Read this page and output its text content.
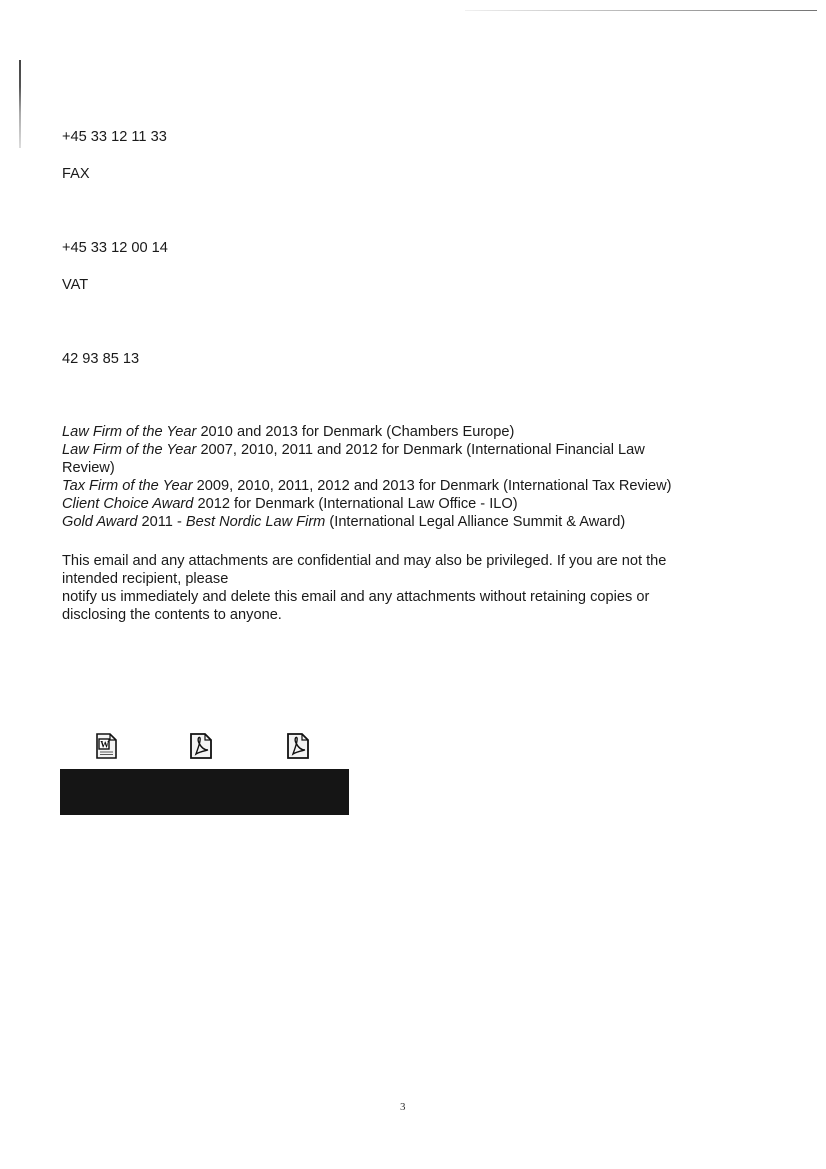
+45 33 12 11 33
FAX
+45 33 12 00 14
VAT
42 93 85 13
Law Firm of the Year 2010 and 2013 for Denmark (Chambers Europe)
Law Firm of the Year 2007, 2010, 2011 and 2012 for Denmark (International Financial Law
Review)
Tax Firm of the Year 2009, 2010, 2011, 2012 and 2013 for Denmark (International Tax Review)
Client Choice Award 2012 for Denmark (International Law Office - ILO)
Gold Award 2011 - Best Nordic Law Firm (International Legal Alliance Summit & Award)
This email and any attachments are confidential and may also be privileged. If you are not the
intended recipient, please
notify us immediately and delete this email and any attachments without retaining copies or
disclosing the contents to anyone.
W
3
